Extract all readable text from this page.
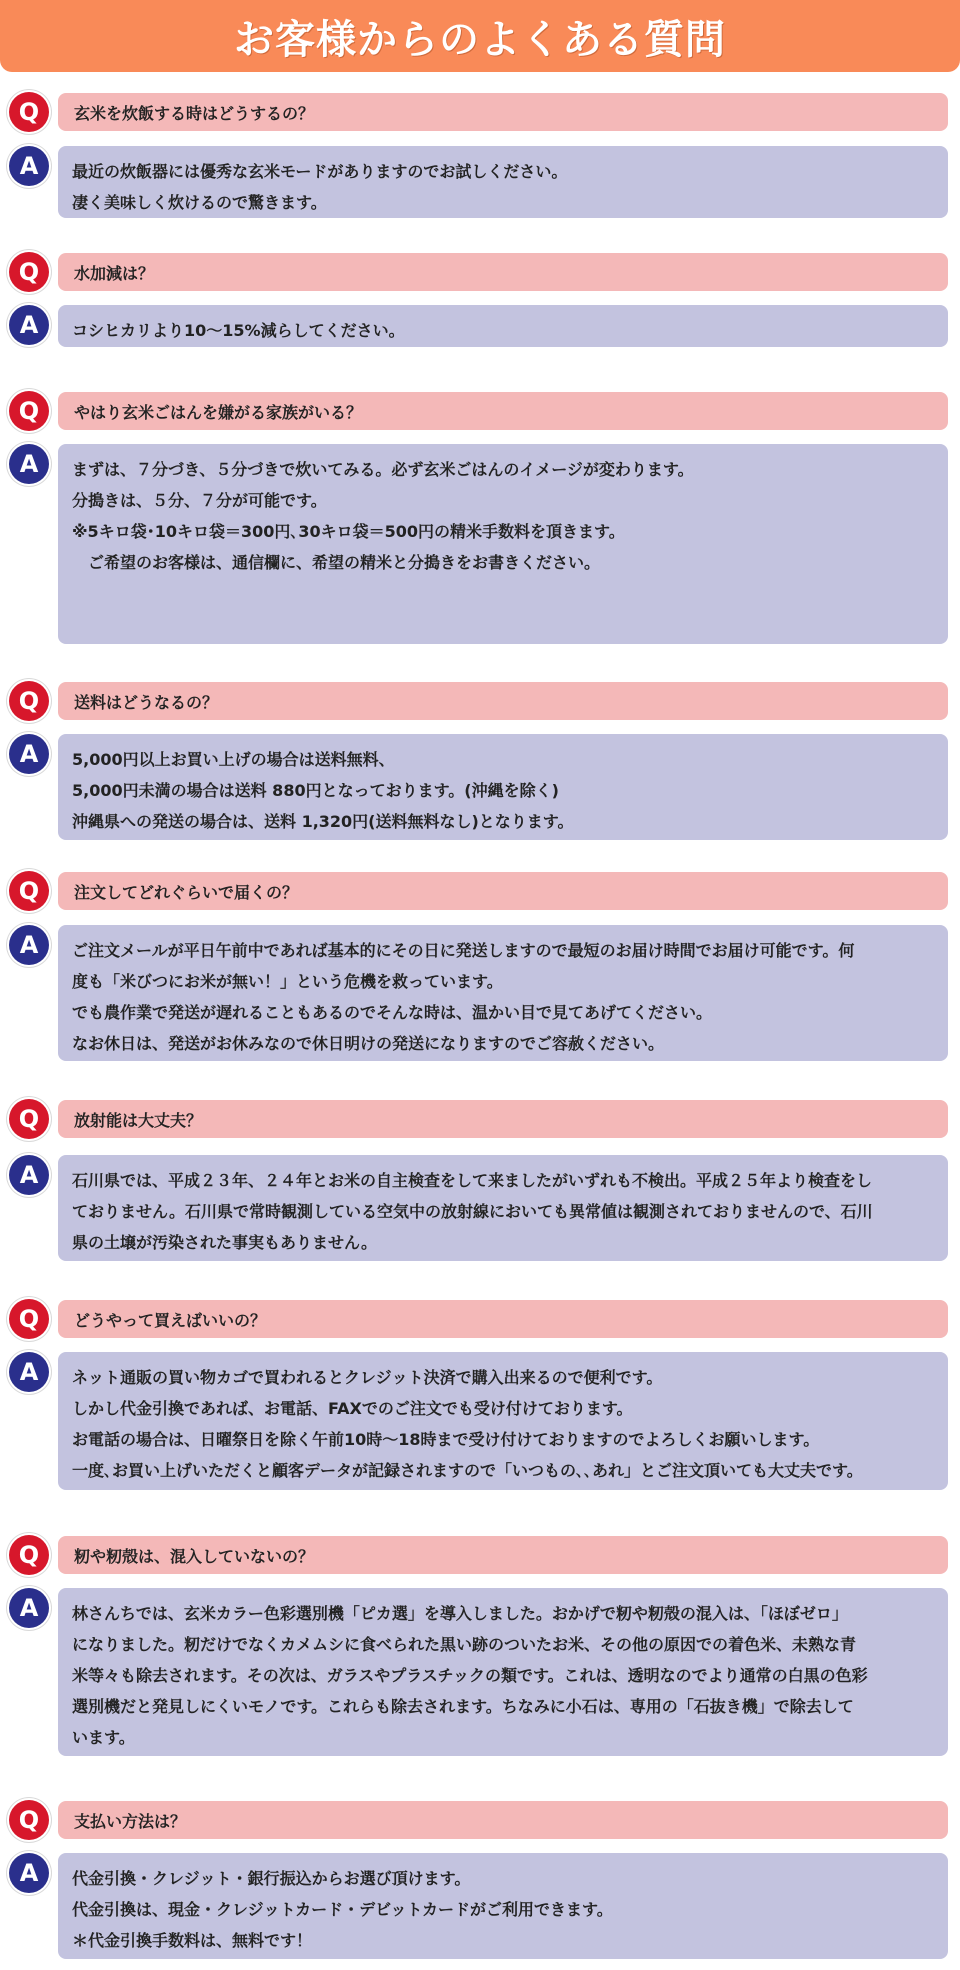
お客様からのよくある質問
Q	玄米を炊飯する時はどうするの？
A	最近の炊飯器には優秀な玄米モードがありますのでお試しください。
凄く美味しく炊けるので驚きます。
Q	水加減は？
A	コシヒカリより10～15%減らしてください。
Q	やはり玄米ごはんを嫌がる家族がいる？
A	まずは、７分づき、５分づきで炊いてみる。必ず玄米ごはんのイメージが変わります。
分搗きは、５分、７分が可能です。
※5キロ袋･10キロ袋＝300円､30キロ袋＝500円の精米手数料を頂きます。
　ご希望のお客様は、通信欄に、希望の精米と分搗きをお書きください。
Q	送料はどうなるの？
A	5,000円以上お買い上げの場合は送料無料、
5,000円未満の場合は送料 880円となっております。(沖縄を除く)
沖縄県への発送の場合は、送料 1,320円(送料無料なし)となります。
Q	注文してどれぐらいで届くの？
A	ご注文メールが平日午前中であれば基本的にその日に発送しますので最短のお届け時間でお届け可能です。何
度も「米びつにお米が無い！」という危機を救っています。
でも農作業で発送が遅れることもあるのでそんな時は、温かい目で見てあげてください。
なお休日は、発送がお休みなので休日明けの発送になりますのでご容赦ください。
Q	放射能は大丈夫？
A	石川県では、平成２３年、２４年とお米の自主検査をして来ましたがいずれも不検出。平成２５年より検査をし
ておりません。石川県で常時観測している空気中の放射線においても異常値は観測されておりませんので、石川
県の土壌が汚染された事実もありません。
Q	どうやって買えばいいの？
A	ネット通販の買い物カゴで買われるとクレジット決済で購入出来るので便利です。
しかし代金引換であれば、お電話、FAXでのご注文でも受け付けております。
お電話の場合は、日曜祭日を除く午前10時～18時まで受け付けておりますのでよろしくお願いします。
一度､お買い上げいただくと顧客データが記録されますので「いつもの､､あれ」とご注文頂いても大丈夫です。
Q	籾や籾殻は、混入していないの？
A	林さんちでは、玄米カラー色彩選別機「ピカ選」を導入しました。おかげで籾や籾殻の混入は、「ほぼゼロ」
になりました。籾だけでなくカメムシに食べられた黒い跡のついたお米、その他の原因での着色米、未熟な青
米等々も除去されます。その次は、ガラスやプラスチックの類です。これは、透明なのでより通常の白黒の色彩
選別機だと発見しにくいモノです。これらも除去されます。ちなみに小石は、専用の「石抜き機」で除去して
います。
Q	支払い方法は？
A	代金引換・クレジット・銀行振込からお選び頂けます。
代金引換は、現金・クレジットカード・デビットカードがご利用できます。
＊代金引換手数料は、無料です！
